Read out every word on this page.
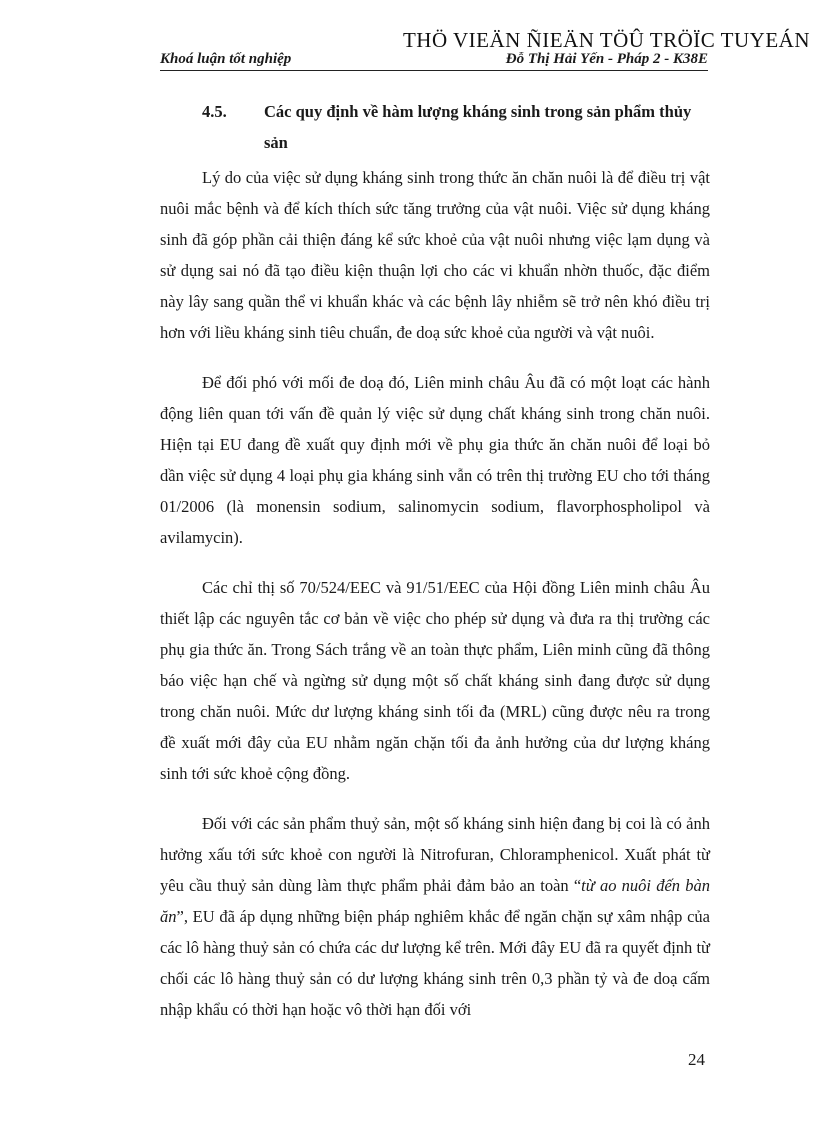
THÖ VIEÄN ÑIEÄN TÖÛ TRÖÏC TUYEÁN
Khoá luận tốt nghiệp	Đỗ Thị Hải Yến - Pháp 2 - K38E
4.5.	Các quy định về hàm lượng kháng sinh trong sản phẩm thủy sản

Lý do của việc sử dụng kháng sinh trong thức ăn chăn nuôi là để điều trị vật nuôi mắc bệnh và để kích thích sức tăng trưởng của vật nuôi. Việc sử dụng kháng sinh đã góp phần cải thiện đáng kể sức khoẻ của vật nuôi nhưng việc lạm dụng và sử dụng sai nó đã tạo điều kiện thuận lợi cho các vi khuẩn nhờn thuốc, đặc điểm này lây sang quần thể vi khuẩn khác và các bệnh lây nhiễm sẽ trở nên khó điều trị hơn với liều kháng sinh tiêu chuẩn, đe doạ sức khoẻ của người và vật nuôi.

Để đối phó với mối đe doạ đó, Liên minh châu Âu đã có một loạt các hành động liên quan tới vấn đề quản lý việc sử dụng chất kháng sinh trong chăn nuôi. Hiện tại EU đang đề xuất quy định mới về phụ gia thức ăn chăn nuôi để loại bỏ dần việc sử dụng 4 loại phụ gia kháng sinh vẫn có trên thị trường EU cho tới tháng 01/2006 (là monensin sodium, salinomycin sodium, flavorphospholipol và avilamycin).

Các chỉ thị số 70/524/EEC và 91/51/EEC của Hội đồng Liên minh châu Âu thiết lập các nguyên tắc cơ bản về việc cho phép sử dụng và đưa ra thị trường các phụ gia thức ăn. Trong Sách trắng về an toàn thực phẩm, Liên minh cũng đã thông báo việc hạn chế và ngừng sử dụng một số chất kháng sinh đang được sử dụng trong chăn nuôi. Mức dư lượng kháng sinh tối đa (MRL) cũng được nêu ra trong đề xuất mới đây của EU nhằm ngăn chặn tối đa ảnh hưởng của dư lượng kháng sinh tới sức khoẻ cộng đồng.

Đối với các sản phẩm thuỷ sản, một số kháng sinh hiện đang bị coi là có ảnh hưởng xấu tới sức khoẻ con người là Nitrofuran, Chloramphenicol. Xuất phát từ yêu cầu thuỷ sản dùng làm thực phẩm phải đảm bảo an toàn “từ ao nuôi đến bàn ăn”, EU đã áp dụng những biện pháp nghiêm khắc để ngăn chặn sự xâm nhập của các lô hàng thuỷ sản có chứa các dư lượng kể trên. Mới đây EU đã ra quyết định từ chối các lô hàng thuỷ sản có dư lượng kháng sinh trên 0,3 phần tỷ và đe doạ cấm nhập khẩu có thời hạn hoặc vô thời hạn đối với

24
